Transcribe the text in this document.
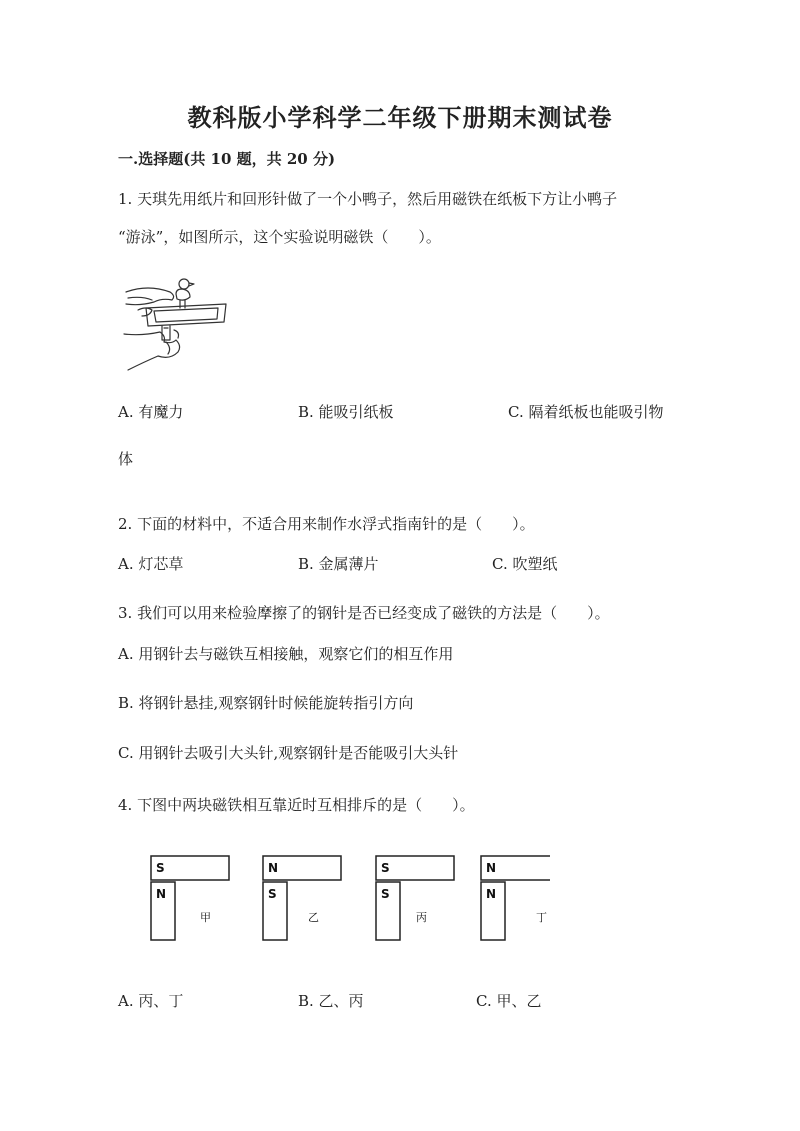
教科版小学科学二年级下册期末测试卷
一.选择题(共 10 题，共 20 分)
1. 天琪先用纸片和回形针做了一个小鸭子，然后用磁铁在纸板下方让小鸭子
“游泳”，如图所示，这个实验说明磁铁（　　）。
A. 有魔力	B. 能吸引纸板	C. 隔着纸板也能吸引物
体
2. 下面的材料中，不适合用来制作水浮式指南针的是（　　）。
A. 灯芯草	B. 金属薄片	C. 吹塑纸
3. 我们可以用来检验摩擦了的钢针是否已经变成了磁铁的方法是（　　）。
A. 用钢针去与磁铁互相接触，观察它们的相互作用
B. 将钢针悬挂,观察钢针时候能旋转指引方向
C. 用钢针去吸引大头针,观察钢针是否能吸引大头针
4. 下图中两块磁铁相互靠近时互相排斥的是（　　）。
S
N
N
S
S
S
N
N
甲	乙	丙	丁
A. 丙、丁	B. 乙、丙	C. 甲、乙
